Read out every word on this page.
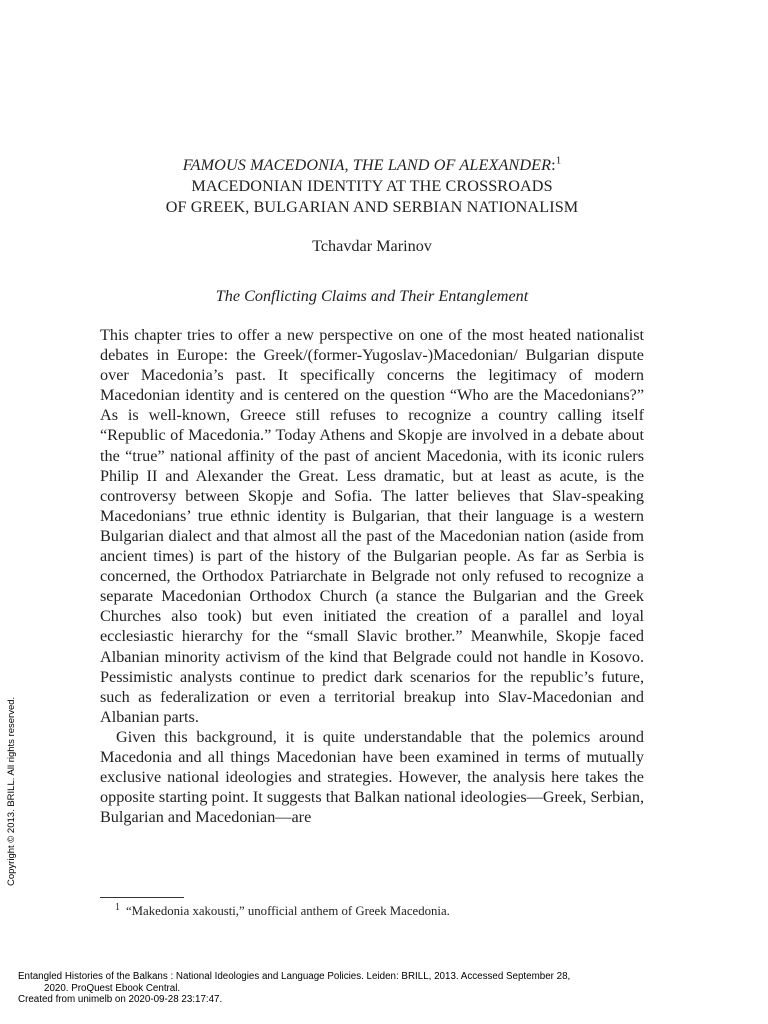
FAMOUS MACEDONIA, THE LAND OF ALEXANDER:$^1$
MACEDONIAN IDENTITY AT THE CROSSROADS
OF GREEK, BULGARIAN AND SERBIAN NATIONALISM
Tchavdar Marinov
The Conflicting Claims and Their Entanglement

This chapter tries to offer a new perspective on one of the most heated nationalist debates in Europe: the Greek/(former-Yugoslav-)Macedonian/ Bulgarian dispute over Macedonia’s past. It specifically concerns the legitimacy of modern Macedonian identity and is centered on the question “Who are the Macedonians?” As is well-known, Greece still refuses to recognize a country calling itself “Republic of Macedonia.” Today Athens and Skopje are involved in a debate about the “true” national affinity of the past of ancient Macedonia, with its iconic rulers Philip II and Alexander the Great. Less dramatic, but at least as acute, is the controversy between Skopje and Sofia. The latter believes that Slav-speaking Macedonians’ true ethnic identity is Bulgarian, that their language is a western Bulgarian dialect and that almost all the past of the Macedonian nation (aside from ancient times) is part of the history of the Bulgarian people. As far as Serbia is concerned, the Orthodox Patriarchate in Belgrade not only refused to recognize a separate Macedonian Orthodox Church (a stance the Bulgarian and the Greek Churches also took) but even initiated the creation of a parallel and loyal ecclesiastic hierarchy for the “small Slavic brother.” Meanwhile, Skopje faced Albanian minority activism of the kind that Belgrade could not handle in Kosovo. Pessimistic analysts continue to predict dark scenarios for the republic’s future, such as federalization or even a territorial breakup into Slav-Macedonian and Albanian parts.

Given this background, it is quite understandable that the polemics around Macedonia and all things Macedonian have been examined in terms of mutually exclusive national ideologies and strategies. However, the analysis here takes the opposite starting point. It suggests that Balkan national ideologies—Greek, Serbian, Bulgarian and Macedonian—are

$^1$ “Makedonia xakousti,” unofficial anthem of Greek Macedonia.
Copyright © 2013. BRILL. All rights reserved.
Entangled Histories of the Balkans : National Ideologies and Language Policies. Leiden: BRILL, 2013. Accessed September 28,
2020. ProQuest Ebook Central.
Created from unimelb on 2020-09-28 23:17:47.
